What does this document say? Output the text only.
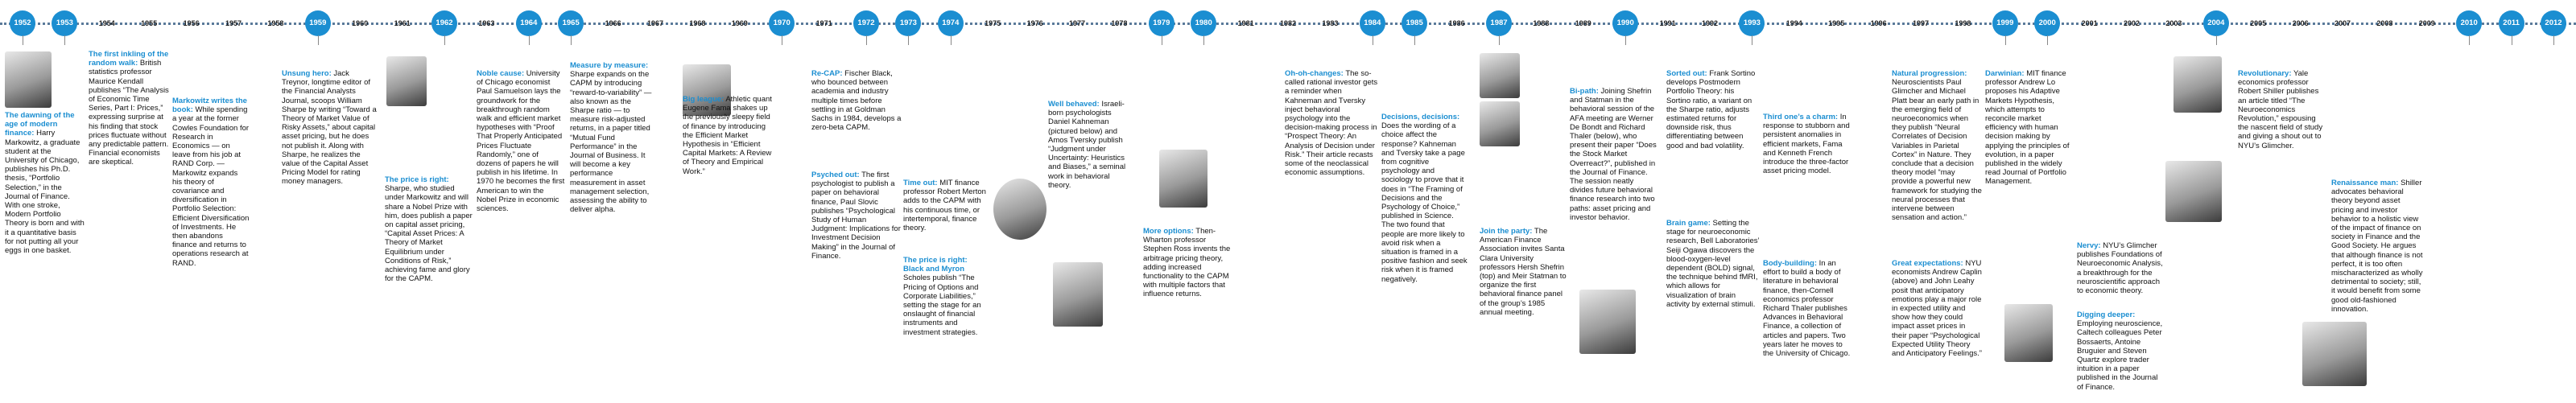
1952	1953	1954	1955	1956	1957	1958	1959	1960	1961	1962	1963	1964	1965	1966	1967	1968	1969	1970	1971	1972	1973	1974	1975	1976	1977	1978	1979	1980	1981	1982	1983	1984	1985	1986	1987	1988	1989	1990	1991	1992	1993	1994	1995	1996	1997	1998	1999	2000	2001	2002	2003	2004	2005	2006	2007	2008	2009	2010	2011	2012

The dawning of the age of modern finance: Harry Markowitz, a graduate student at the University of Chicago, publishes his Ph.D. thesis, “Portfolio Selection,” in the Journal of Finance. With one stroke, Modern Portfolio Theory is born and with it a quantitative basis for not putting all your eggs in one basket.

The first inkling of the random walk: British statistics professor Maurice Kendall publishes “The Analysis of Economic Time Series, Part I: Prices,” expressing surprise at his finding that stock prices fluctuate without any predictable pattern. Financial economists are skeptical.

Markowitz writes the book: While spending a year at the former Cowles Foundation for Research in Economics — on leave from his job at RAND Corp. — Markowitz expands his theory of covariance and diversification in Portfolio Selection: Efficient Diversification of Investments. He then abandons finance and returns to operations research at RAND.

Unsung hero: Jack Treynor, longtime editor of the Financial Analysts Journal, scoops William Sharpe by writing “Toward a Theory of Market Value of Risky Assets,” about capital asset pricing, but he does not publish it. Along with Sharpe, he realizes the value of the Capital Asset Pricing Model for rating money managers.	The price is right: Sharpe, who studied under Markowitz and will share a Nobel Prize with him, does publish a paper on capital asset pricing, “Capital Asset Prices: A Theory of Market Equilibrium under Conditions of Risk,” achieving fame and glory for the CAPM.

Noble cause: University of Chicago economist Paul Samuelson lays the groundwork for the breakthrough random walk and efficient market hypotheses with “Proof That Properly Anticipated Prices Fluctuate Randomly,” one of dozens of papers he will publish in his lifetime. In 1970 he becomes the first American to win the Nobel Prize in economic sciences.

Measure by measure: Sharpe expands on the CAPM by introducing “reward-to-variability” — also known as the Sharpe ratio — to measure risk-adjusted returns, in a paper titled “Mutual Fund Performance” in the Journal of Business. It will become a key performance measurement in asset management selection, assessing the ability to deliver alpha.

Big league: Athletic quant Eugene Fama shakes up the previously sleepy field of finance by introducing the Efficient Market Hypothesis in “Efficient Capital Markets: A Review of Theory and Empirical Work.”

Re-CAP: Fischer Black, who bounced between academia and industry multiple times before settling in at Goldman Sachs in 1984, develops a zero-beta CAPM.

Psyched out: The first psychologist to publish a paper on behavioral finance, Paul Slovic publishes “Psychological Study of Human Judgment: Implications for Investment Decision Making” in the Journal of Finance.

Time out: MIT finance professor Robert Merton adds to the CAPM with his continuous time, or intertemporal, finance theory.

The price is right: Black and Myron Scholes publish “The Pricing of Options and Corporate Liabilities,” setting the stage for an onslaught of financial instruments and investment strategies.

Well behaved: Israeli-born psychologists Daniel Kahneman (pictured below) and Amos Tversky publish “Judgment under Uncertainty: Heuristics and Biases,” a seminal work in behavioral theory.

More options: Then-Wharton professor Stephen Ross invents the arbitrage pricing theory, adding increased functionality to the CAPM with multiple factors that influence returns.

Oh-oh-changes: The so-called rational investor gets a reminder when Kahneman and Tversky inject behavioral psychology into the decision-making process in “Prospect Theory: An Analysis of Decision under Risk.” Their article recasts some of the neoclassical economic assumptions.

Decisions, decisions: Does the wording of a choice affect the response? Kahneman and Tversky take a page from cognitive psychology and sociology to prove that it does in “The Framing of Decisions and the Psychology of Choice,” published in Science. The two found that people are more likely to avoid risk when a situation is framed in a positive fashion and seek risk when it is framed negatively.

Join the party: The American Finance Association invites Santa Clara University professors Hersh Shefrin (top) and Meir Statman to organize the first behavioral finance panel of the group’s 1985 annual meeting.

Bi-path: Joining Shefrin and Statman in the behavioral session of the AFA meeting are Werner De Bondt and Richard Thaler (below), who present their paper “Does the Stock Market Overreact?”, published in the Journal of Finance. The session neatly divides future behavioral finance research into two paths: asset pricing and investor behavior.

Sorted out: Frank Sortino develops Postmodern Portfolio Theory: his Sortino ratio, a variant on the Sharpe ratio, adjusts estimated returns for downside risk, thus differentiating between good and bad volatility.

Brain game: Setting the stage for neuroeconomic research, Bell Laboratories’ Seiji Ogawa discovers the blood-oxygen-level dependent (BOLD) signal, the technique behind fMRI, which allows for visualization of brain activity by external stimuli.

Third one’s a charm: In response to stubborn and persistent anomalies in efficient markets, Fama and Kenneth French introduce the three-factor asset pricing model.

Body-building: In an effort to build a body of literature in behavioral finance, then-Cornell economics professor Richard Thaler publishes Advances in Behavioral Finance, a collection of articles and papers. Two years later he moves to the University of Chicago.

Natural progression: Neuroscientists Paul Glimcher and Michael Platt bear an early path in the emerging field of neuroeconomics when they publish “Neural Correlates of Decision Variables in Parietal Cortex” in Nature. They conclude that a decision theory model “may provide a powerful new framework for studying the neural processes that intervene between sensation and action.”

Great expectations: NYU economists Andrew Caplin (above) and John Leahy posit that anticipatory emotions play a major role in expected utility and show how they could impact asset prices in their paper “Psychological Expected Utility Theory and Anticipatory Feelings.”

Darwinian: MIT finance professor Andrew Lo proposes his Adaptive Markets Hypothesis, which attempts to reconcile market efficiency with human decision making by applying the principles of evolution, in a paper published in the widely read Journal of Portfolio Management.

Nervy: NYU’s Glimcher publishes Foundations of Neuroeconomic Analysis, a breakthrough for the neuroscientific approach to economic theory.

Digging deeper: Employing neuroscience, Caltech colleagues Peter Bossaerts, Antoine Bruguier and Steven Quartz explore trader intuition in a paper published in the Journal of Finance.

Revolutionary: Yale economics professor Robert Shiller publishes an article titled “The Neuroeconomics Revolution,” espousing the nascent field of study and giving a shout out to NYU’s Glimcher.

Renaissance man: Shiller advocates behavioral theory beyond asset pricing and investor behavior to a holistic view of the impact of finance on society in Finance and the Good Society. He argues that although finance is not perfect, it is too often mischaracterized as wholly detrimental to society; still, it would benefit from some good old-fashioned innovation.
